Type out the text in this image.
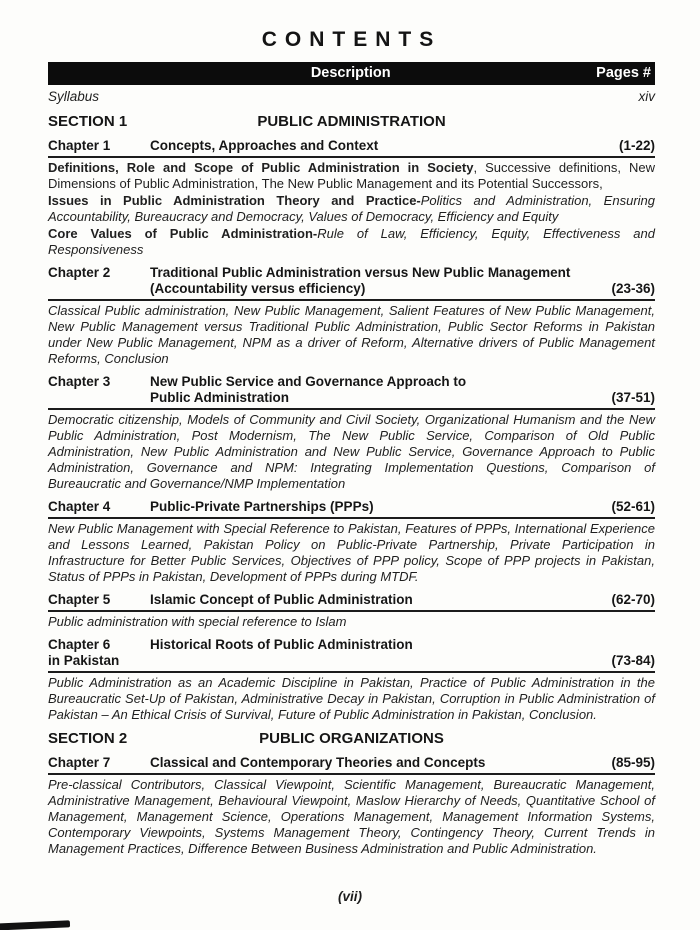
CONTENTS
Description	Pages #
Syllabus	xiv
SECTION 1	PUBLIC ADMINISTRATION
Chapter 1	Concepts, Approaches and Context	(1-22)

Definitions, Role and Scope of Public Administration in Society, Successive definitions, New Dimensions of Public Administration, The New Public Management and its Potential Successors,

Issues in Public Administration Theory and Practice-Politics and Administration, Ensuring Accountability, Bureaucracy and Democracy, Values of Democracy, Efficiency and Equity

Core Values of Public Administration-Rule of Law, Efficiency, Equity, Effectiveness and Responsiveness

Chapter 2	Traditional Public Administration versus New Public Management
(Accountability versus efficiency)	(23-36)

Classical Public administration, New Public Management, Salient Features of New Public Management, New Public Management versus Traditional Public Administration, Public Sector Reforms in Pakistan under New Public Management, NPM as a driver of Reform, Alternative drivers of Public Management Reforms, Conclusion

Chapter 3	New Public Service and Governance Approach to
Public Administration	(37-51)

Democratic citizenship, Models of Community and Civil Society, Organizational Humanism and the New Public Administration, Post Modernism, The New Public Service, Comparison of Old Public Administration, New Public Administration and New Public Service, Governance Approach to Public Administration, Governance and NPM: Integrating Implementation Questions, Comparison of Bureaucratic and Governance/NMP Implementation

Chapter 4	Public-Private Partnerships (PPPs)	(52-61)

New Public Management with Special Reference to Pakistan, Features of PPPs, International Experience and Lessons Learned, Pakistan Policy on Public-Private Partnership, Private Participation in Infrastructure for Better Public Services, Objectives of PPP policy, Scope of PPP projects in Pakistan, Status of PPPs in Pakistan, Development of PPPs during MTDF.

Chapter 5	Islamic Concept of Public Administration	(62-70)

Public administration with special reference to Islam

Chapter 6	Historical Roots of Public Administration
in Pakistan	(73-84)

Public Administration as an Academic Discipline in Pakistan, Practice of Public Administration in the Bureaucratic Set-Up of Pakistan, Administrative Decay in Pakistan, Corruption in Public Administration of Pakistan – An Ethical Crisis of Survival, Future of Public Administration in Pakistan, Conclusion.

SECTION 2	PUBLIC ORGANIZATIONS
Chapter 7	Classical and Contemporary Theories and Concepts	(85-95)

Pre-classical Contributors, Classical Viewpoint, Scientific Management, Bureaucratic Management, Administrative Management, Behavioural Viewpoint, Maslow Hierarchy of Needs, Quantitative School of Management, Management Science, Operations Management, Management Information Systems, Contemporary Viewpoints, Systems Management Theory, Contingency Theory, Current Trends in Management Practices, Difference Between Business Administration and Public Administration.

(vii)
